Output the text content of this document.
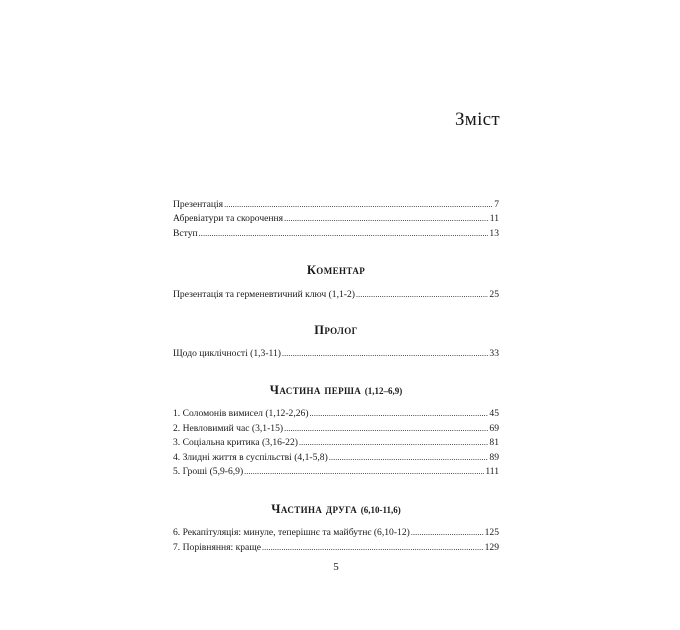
Зміст
Презентація .....	7
Абревіатури та скорочення .....	11
Вступ .....	13
Коментар
Презентація та герменевтичний ключ (1,1-2) .....	25
Пролог
Щодо циклічності (1,3-11) .....	33
Частина перша (1,12–6,9)
1. Соломонів вимисел (1,12-2,26) .....	45
2. Невловимий час (3,1-15) .....	69
3. Соціальна критика (3,16-22) .....	81
4. Злидні життя в суспільстві (4,1-5,8) .....	89
5. Гроші (5,9-6,9) .....	111
Частина друга (6,10-11,6)
6. Рекапітуляція: минуле, теперішнє та майбутнє (6,10-12) .....	125
7. Порівняння: краще .....	129
5
